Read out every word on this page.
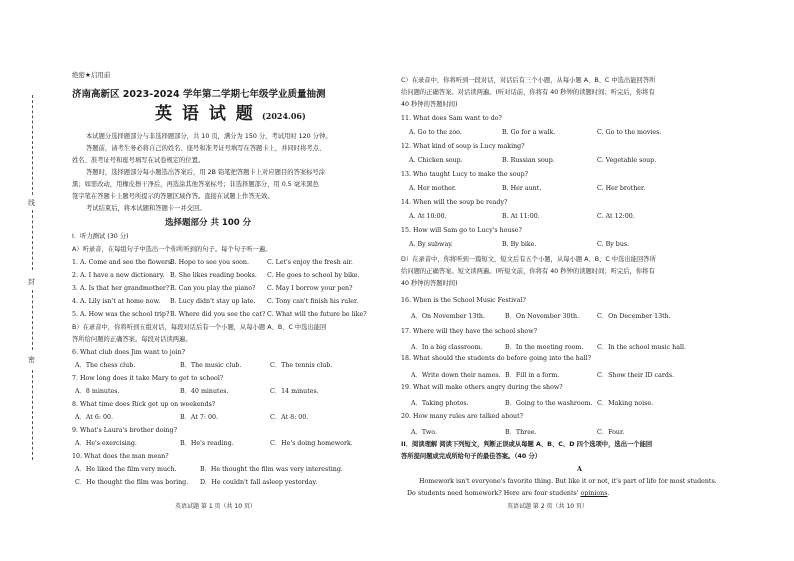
线
封
密
绝密★启用前
济南高新区 2023-2024 学年第二学期七年级学业质量抽测
英 语 试 题 (2024.06)
本试题分选择题部分与非选择题部分，共 10 页，满分为 150 分，考试用时 120 分钟。
答题前，请考生务必将自己的姓名、座号和准考证号填写在答题卡上，并同时将考点、
姓名、准考证号和座号填写在试卷规定的位置。
答题时，选择题部分每小题选出答案后，用 2B 铅笔把答题卡上对应题目的答案标号涂
黑；如需改动，用橡皮擦干净后，再选涂其他答案标号；非选择题部分，用 0.5 毫米黑色
签字笔在答题卡上题号所提示的答题区域作答。直接在试题上作答无效。
考试结束后，将本试题和答题卡一并交回。
选择题部分 共 100 分
I．听力测试 (30 分)
A）听录音，在每组句子中选出一个你所听到的句子。每个句子听一遍。
1. A. Come and see the flowers.
B. Hope to see you soon.	C. Let's enjoy the fresh air.
2. A. I have a new dictionary. B. She likes reading books. C. He goes to school by bike.
3. A. Is that her grandmother? B. Can you play the piano? C. May I borrow your pen?
4. A. Lily isn't at home now. B. Lucy didn't stay up late. C. Tony can't finish his ruler.
5. A. How was the school trip? B. Where did you see the cat? C. What will the future be like?
B）在录音中，你将听到五组对话，每段对话后有一个小题，从每小题 A、B、C 中选出能回
答所给问题的正确答案。每段对话读两遍。
6. What club does Jim want to join?
A．The chess club.	B．The music club.	C．The tennis club.
7. How long does it take Mary to get to school?
A．8 minutes.	B．40 minutes.	C．14 minutes.
8. What time does Rick get up on weekends?
A．At 6: 00.	B．At 7: 00.	C．At 8: 00.
9. What's Laura's brother doing?
A．He's exercising.	B．He's reading.	C．He's doing homework.
10. What does the man mean?
A．He liked the film very much.	B．He thought the film was very interesting.
C．He thought the film was boring. D．He couldn't fall asleep yesterday.
英语试题 第 1 页（共 10 页）
C）在录音中，你将听到一段对话，对话后有三个小题，从每小题 A、B、C 中选出能回答所
给问题的正确答案。对话读两遍。(听对话前，你将有 40 秒钟的读题时间；听完后，你将有
40 秒钟的答题时间)
11. What does Sam want to do?
A. Go to the zoo.	B. Go for a walk.	C. Go to the movies.
12. What kind of soup is Lucy making?
A. Chicken soup.	B. Russian soup.	C. Vegetable soup.
13. Who taught Lucy to make the soup?
A. Her mother.	B. Her aunt.	C. Her brother.
14. When will the soup be ready?
A. At 10:00.	B. At 11:00.	C. At 12:00.
15. How will Sam go to Lucy's house?
A. By subway.	B. By bike.	C. By bus.
D）在录音中，你将听到一篇短文，短文后有五个小题，从每小题 A、B、C 中选出能回答所
给问题的正确答案。短文读两遍。(听短文前，你将有 40 秒钟的读题时间；听完后，你将有
40 秒钟的答题时间)
16. When is the School Music Festival?
A．On November 13th.	B．On November 30th.	C．On December 13th.
17. Where will they have the school show?
A．In a big classroom.	B．In the meeting room. C．In the school music hall.
18. What should the students do before going into the hall?
A．Write down their names. B．Fill in a form.	C．Show their ID cards.
19. What will make others angry during the show?
A．Taking photos.	B．Going to the washroom. C．Making noise.
20. How many rules are talked about?
A．Two.	B．Three.	C．Four.
II．阅读理解 阅读下列短文，判断正误或从每题 A、B、C、D 四个选项中，选出一个能回
答所提问题或完成所给句子的最佳答案。（40 分）
A
Homework isn't everyone's favorite thing. But like it or not, it's part of life for most students.
Do students need homework? Here are four students' opinions.
英语试题 第 2 页（共 10 页）
